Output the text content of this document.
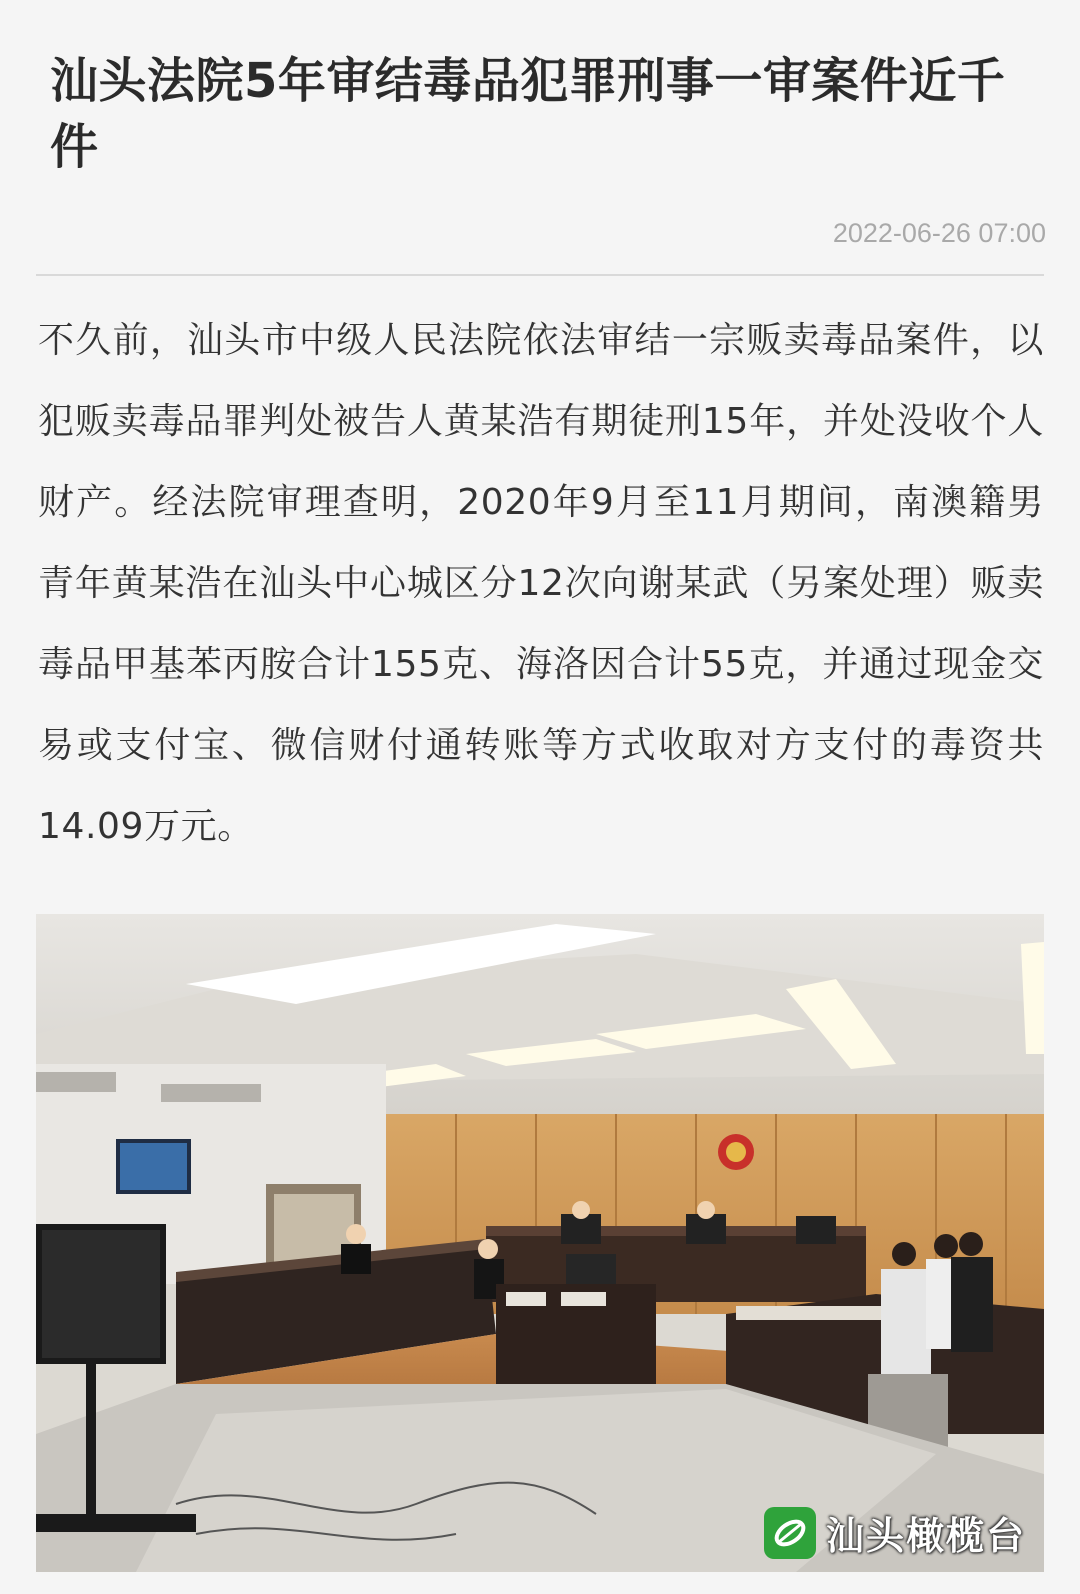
汕头法院5年审结毒品犯罪刑事一审案件近千件
2022-06-26 07:00

不久前，汕头市中级人民法院依法审结一宗贩卖毒品案件，以犯贩卖毒品罪判处被告人黄某浩有期徒刑15年，并处没收个人财产。经法院审理查明，2020年9月至11月期间，南澳籍男青年黄某浩在汕头中心城区分12次向谢某武（另案处理）贩卖毒品甲基苯丙胺合计155克、海洛因合计55克，并通过现金交易或支付宝、微信财付通转账等方式收取对方支付的毒资共14.09万元。

汕头橄榄台
